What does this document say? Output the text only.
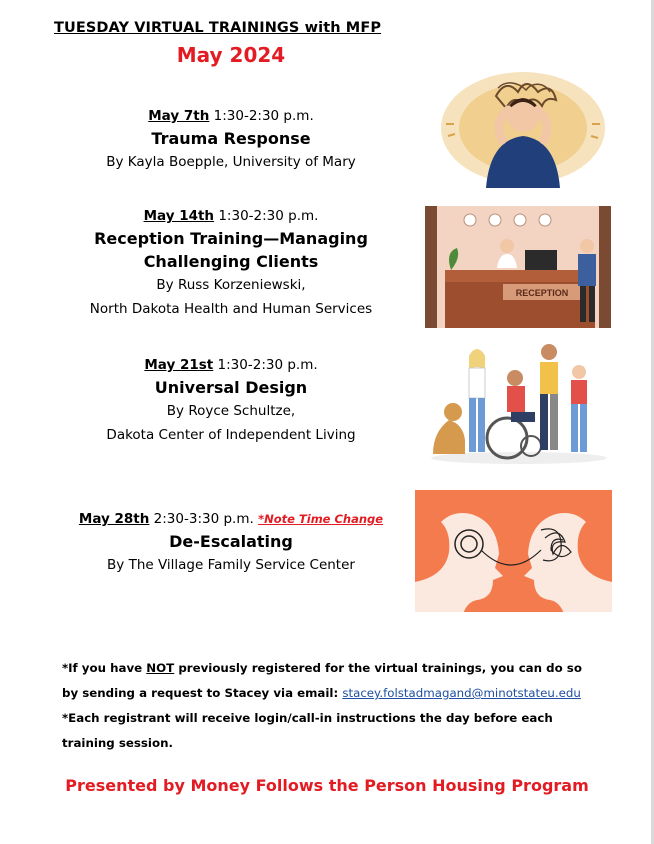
TUESDAY VIRTUAL TRAININGS with MFP
May 2024
May 7th 1:30-2:30 p.m.
Trauma Response
By Kayla Boepple, University of Mary
May 14th 1:30-2:30 p.m.
Reception Training—Managing
Challenging Clients
By Russ Korzeniewski,
North Dakota Health and Human Services
May 21st 1:30-2:30 p.m.
Universal Design
By Royce Schultze,
Dakota Center of Independent Living
May 28th 2:30-3:30 p.m. *Note Time Change
De-Escalating
By The Village Family Service Center
RECEPTION
*If you have NOT previously registered for the virtual trainings, you can do so
by sending a request to Stacey via email: stacey.folstadmagand@minotstateu.edu
*Each registrant will receive login/call-in instructions the day before each
training session.
Presented by Money Follows the Person Housing Program
